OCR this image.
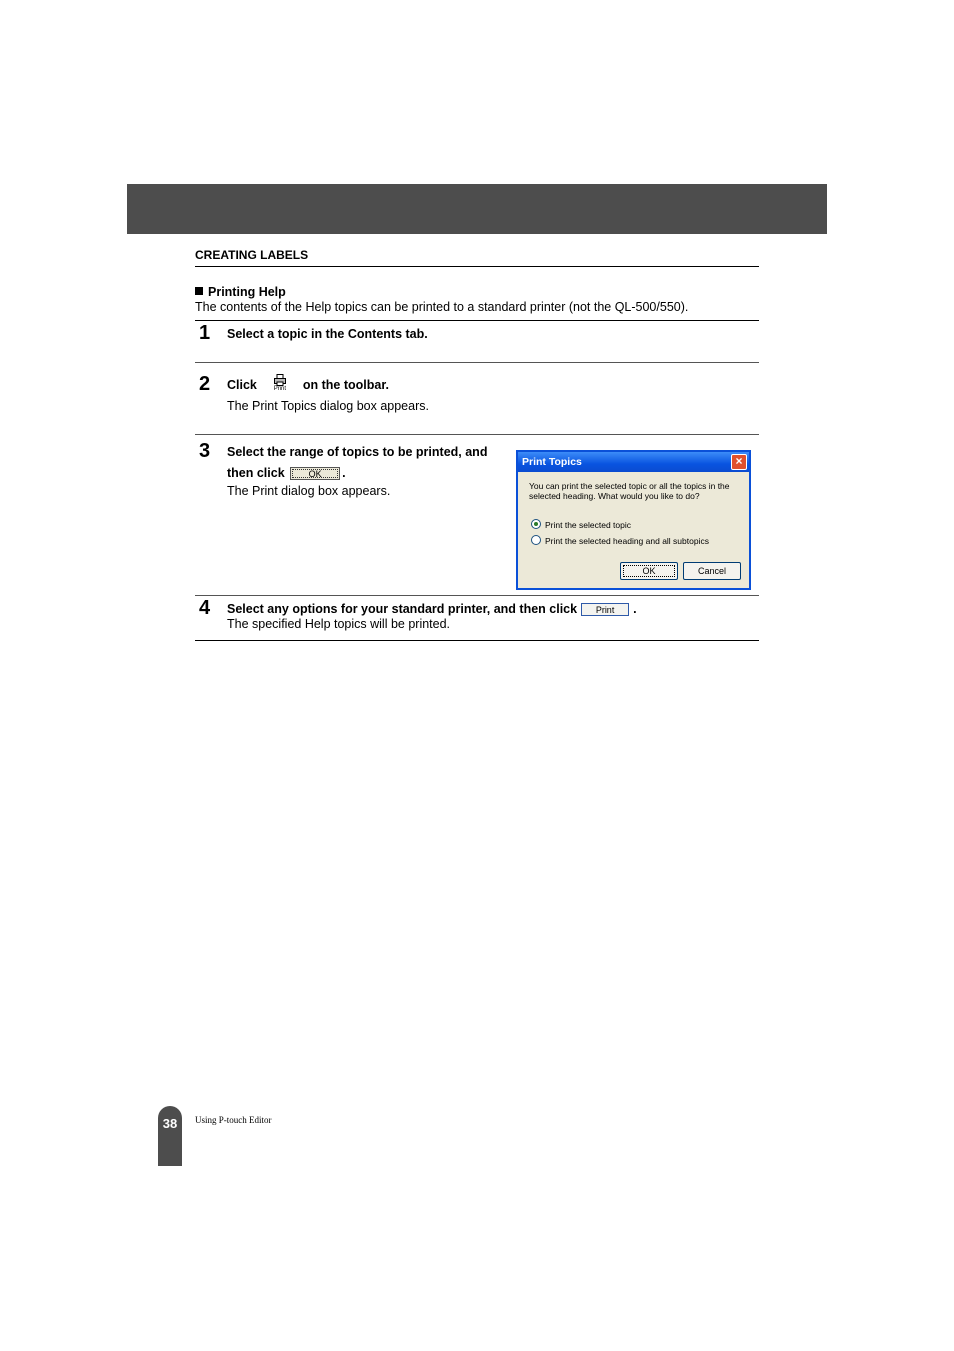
CREATING LABELS
Printing Help
The contents of the Help topics can be printed to a standard printer (not the QL-500/550).
1 Select a topic in the Contents tab.
2 Click	Print	on the toolbar.
The Print Topics dialog box appears.
3 Select the range of topics to be printed, and
then click	OK .
The Print dialog box appears.
Print Topics	×
You can print the selected topic or all the topics in the selected heading. What would you like to do?
Print the selected topic
Print the selected heading and all subtopics
OK	Cancel
4 Select any options for your standard printer, and then click Print .
The specified Help topics will be printed.
38	Using P-touch Editor
